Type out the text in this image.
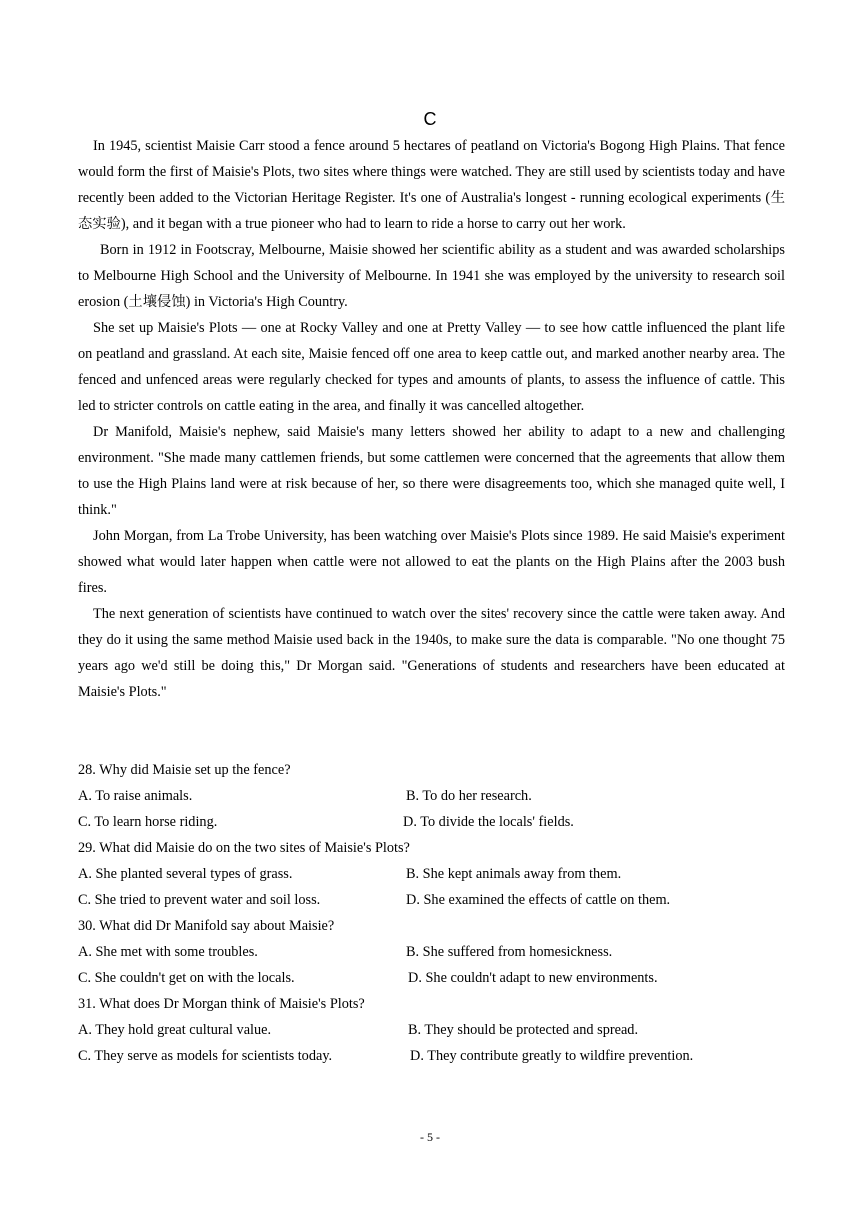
C

In 1945, scientist Maisie Carr stood a fence around 5 hectares of peatland on Victoria's Bogong High Plains. That fence would form the first of Maisie's Plots, two sites where things were watched. They are still used by scientists today and have recently been added to the Victorian Heritage Register. It's one of Australia's longest - running ecological experiments (生态实验), and it began with a true pioneer who had to learn to ride a horse to carry out her work.

Born in 1912 in Footscray, Melbourne, Maisie showed her scientific ability as a student and was awarded scholarships to Melbourne High School and the University of Melbourne. In 1941 she was employed by the university to research soil erosion (土壤侵蚀) in Victoria's High Country.

She set up Maisie's Plots — one at Rocky Valley and one at Pretty Valley — to see how cattle influenced the plant life on peatland and grassland. At each site, Maisie fenced off one area to keep cattle out, and marked another nearby area. The fenced and unfenced areas were regularly checked for types and amounts of plants, to assess the influence of cattle. This led to stricter controls on cattle eating in the area, and finally it was cancelled altogether.

Dr Manifold, Maisie's nephew, said Maisie's many letters showed her ability to adapt to a new and challenging environment. "She made many cattlemen friends, but some cattlemen were concerned that the agreements that allow them to use the High Plains land were at risk because of her, so there were disagreements too, which she managed quite well, I think."

John Morgan, from La Trobe University, has been watching over Maisie's Plots since 1989. He said Maisie's experiment showed what would later happen when cattle were not allowed to eat the plants on the High Plains after the 2003 bush fires.

The next generation of scientists have continued to watch over the sites' recovery since the cattle were taken away. And they do it using the same method Maisie used back in the 1940s, to make sure the data is comparable. "No one thought 75 years ago we'd still be doing this," Dr Morgan said. "Generations of students and researchers have been educated at Maisie's Plots."

28. Why did Maisie set up the fence?
A. To raise animals.	B. To do her research.
C. To learn horse riding.	D. To divide the locals' fields.
29. What did Maisie do on the two sites of Maisie's Plots?
A. She planted several types of grass.	B. She kept animals away from them.
C. She tried to prevent water and soil loss.	D. She examined the effects of cattle on them.
30. What did Dr Manifold say about Maisie?
A. She met with some troubles.	B. She suffered from homesickness.
C. She couldn't get on with the locals.	D. She couldn't adapt to new environments.
31. What does Dr Morgan think of Maisie's Plots?
A. They hold great cultural value.	B. They should be protected and spread.
C. They serve as models for scientists today.	D. They contribute greatly to wildfire prevention.
- 5 -
